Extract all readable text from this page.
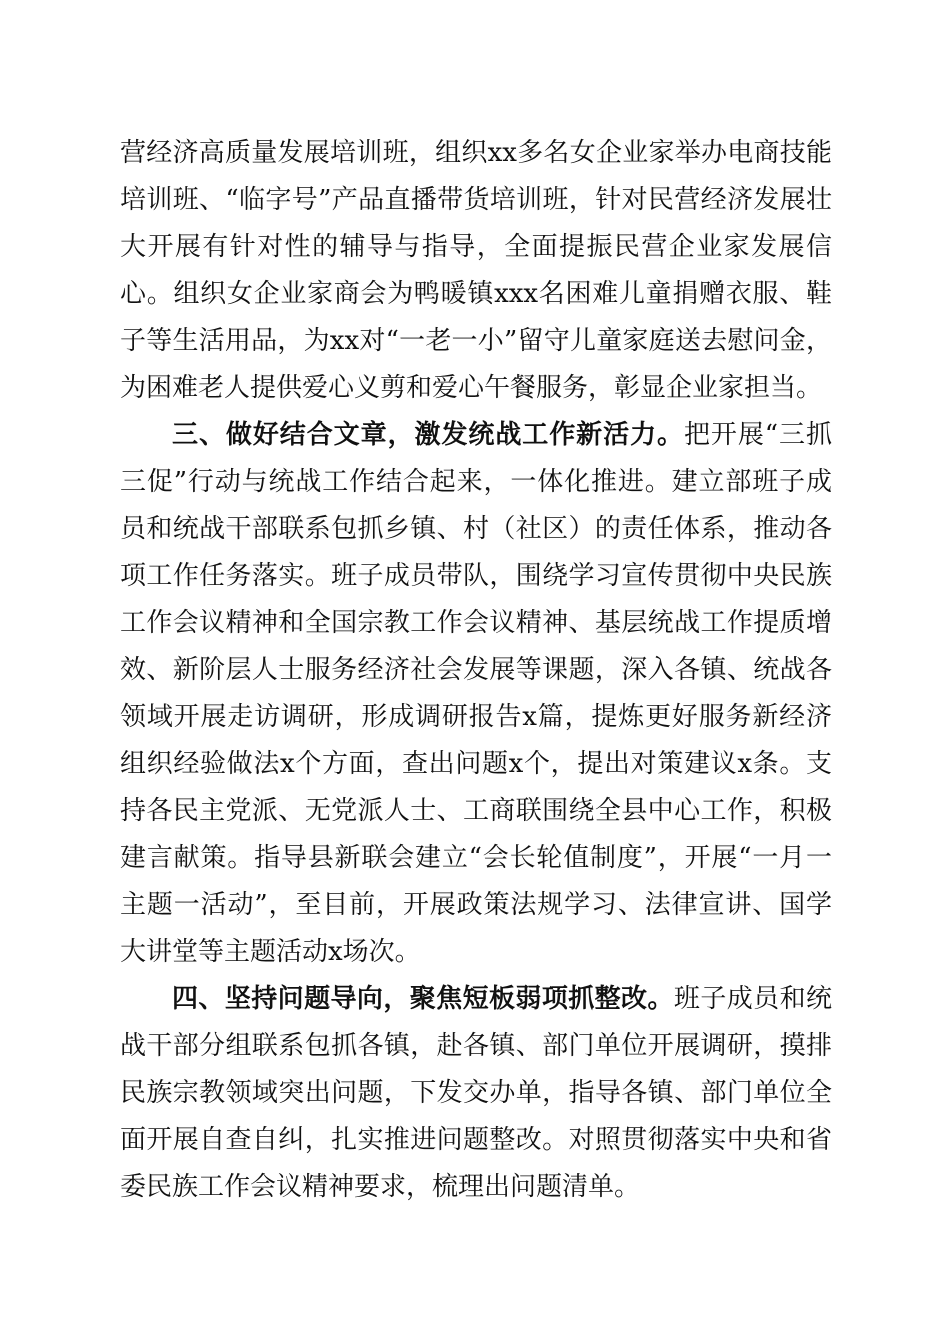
营经济高质量发展培训班，组织xx多名女企业家举办电商技能培训班、“临字号”产品直播带货培训班，针对民营经济发展壮大开展有针对性的辅导与指导，全面提振民营企业家发展信心。组织女企业家商会为鸭暖镇xxx名困难儿童捐赠衣服、鞋子等生活用品，为xx对“一老一小”留守儿童家庭送去慰问金，为困难老人提供爱心义剪和爱心午餐服务，彰显企业家担当。

三、做好结合文章，激发统战工作新活力。把开展“三抓三促”行动与统战工作结合起来，一体化推进。建立部班子成员和统战干部联系包抓乡镇、村（社区）的责任体系，推动各项工作任务落实。班子成员带队，围绕学习宣传贯彻中央民族工作会议精神和全国宗教工作会议精神、基层统战工作提质增效、新阶层人士服务经济社会发展等课题，深入各镇、统战各领域开展走访调研，形成调研报告x篇，提炼更好服务新经济组织经验做法x个方面，查出问题x个，提出对策建议x条。支持各民主党派、无党派人士、工商联围绕全县中心工作，积极建言献策。指导县新联会建立“会长轮值制度”，开展“一月一主题一活动”，至目前，开展政策法规学习、法律宣讲、国学大讲堂等主题活动x场次。

四、坚持问题导向，聚焦短板弱项抓整改。班子成员和统战干部分组联系包抓各镇，赴各镇、部门单位开展调研，摸排民族宗教领域突出问题，下发交办单，指导各镇、部门单位全面开展自查自纠，扎实推进问题整改。对照贯彻落实中央和省委民族工作会议精神要求，梳理出问题清单。
